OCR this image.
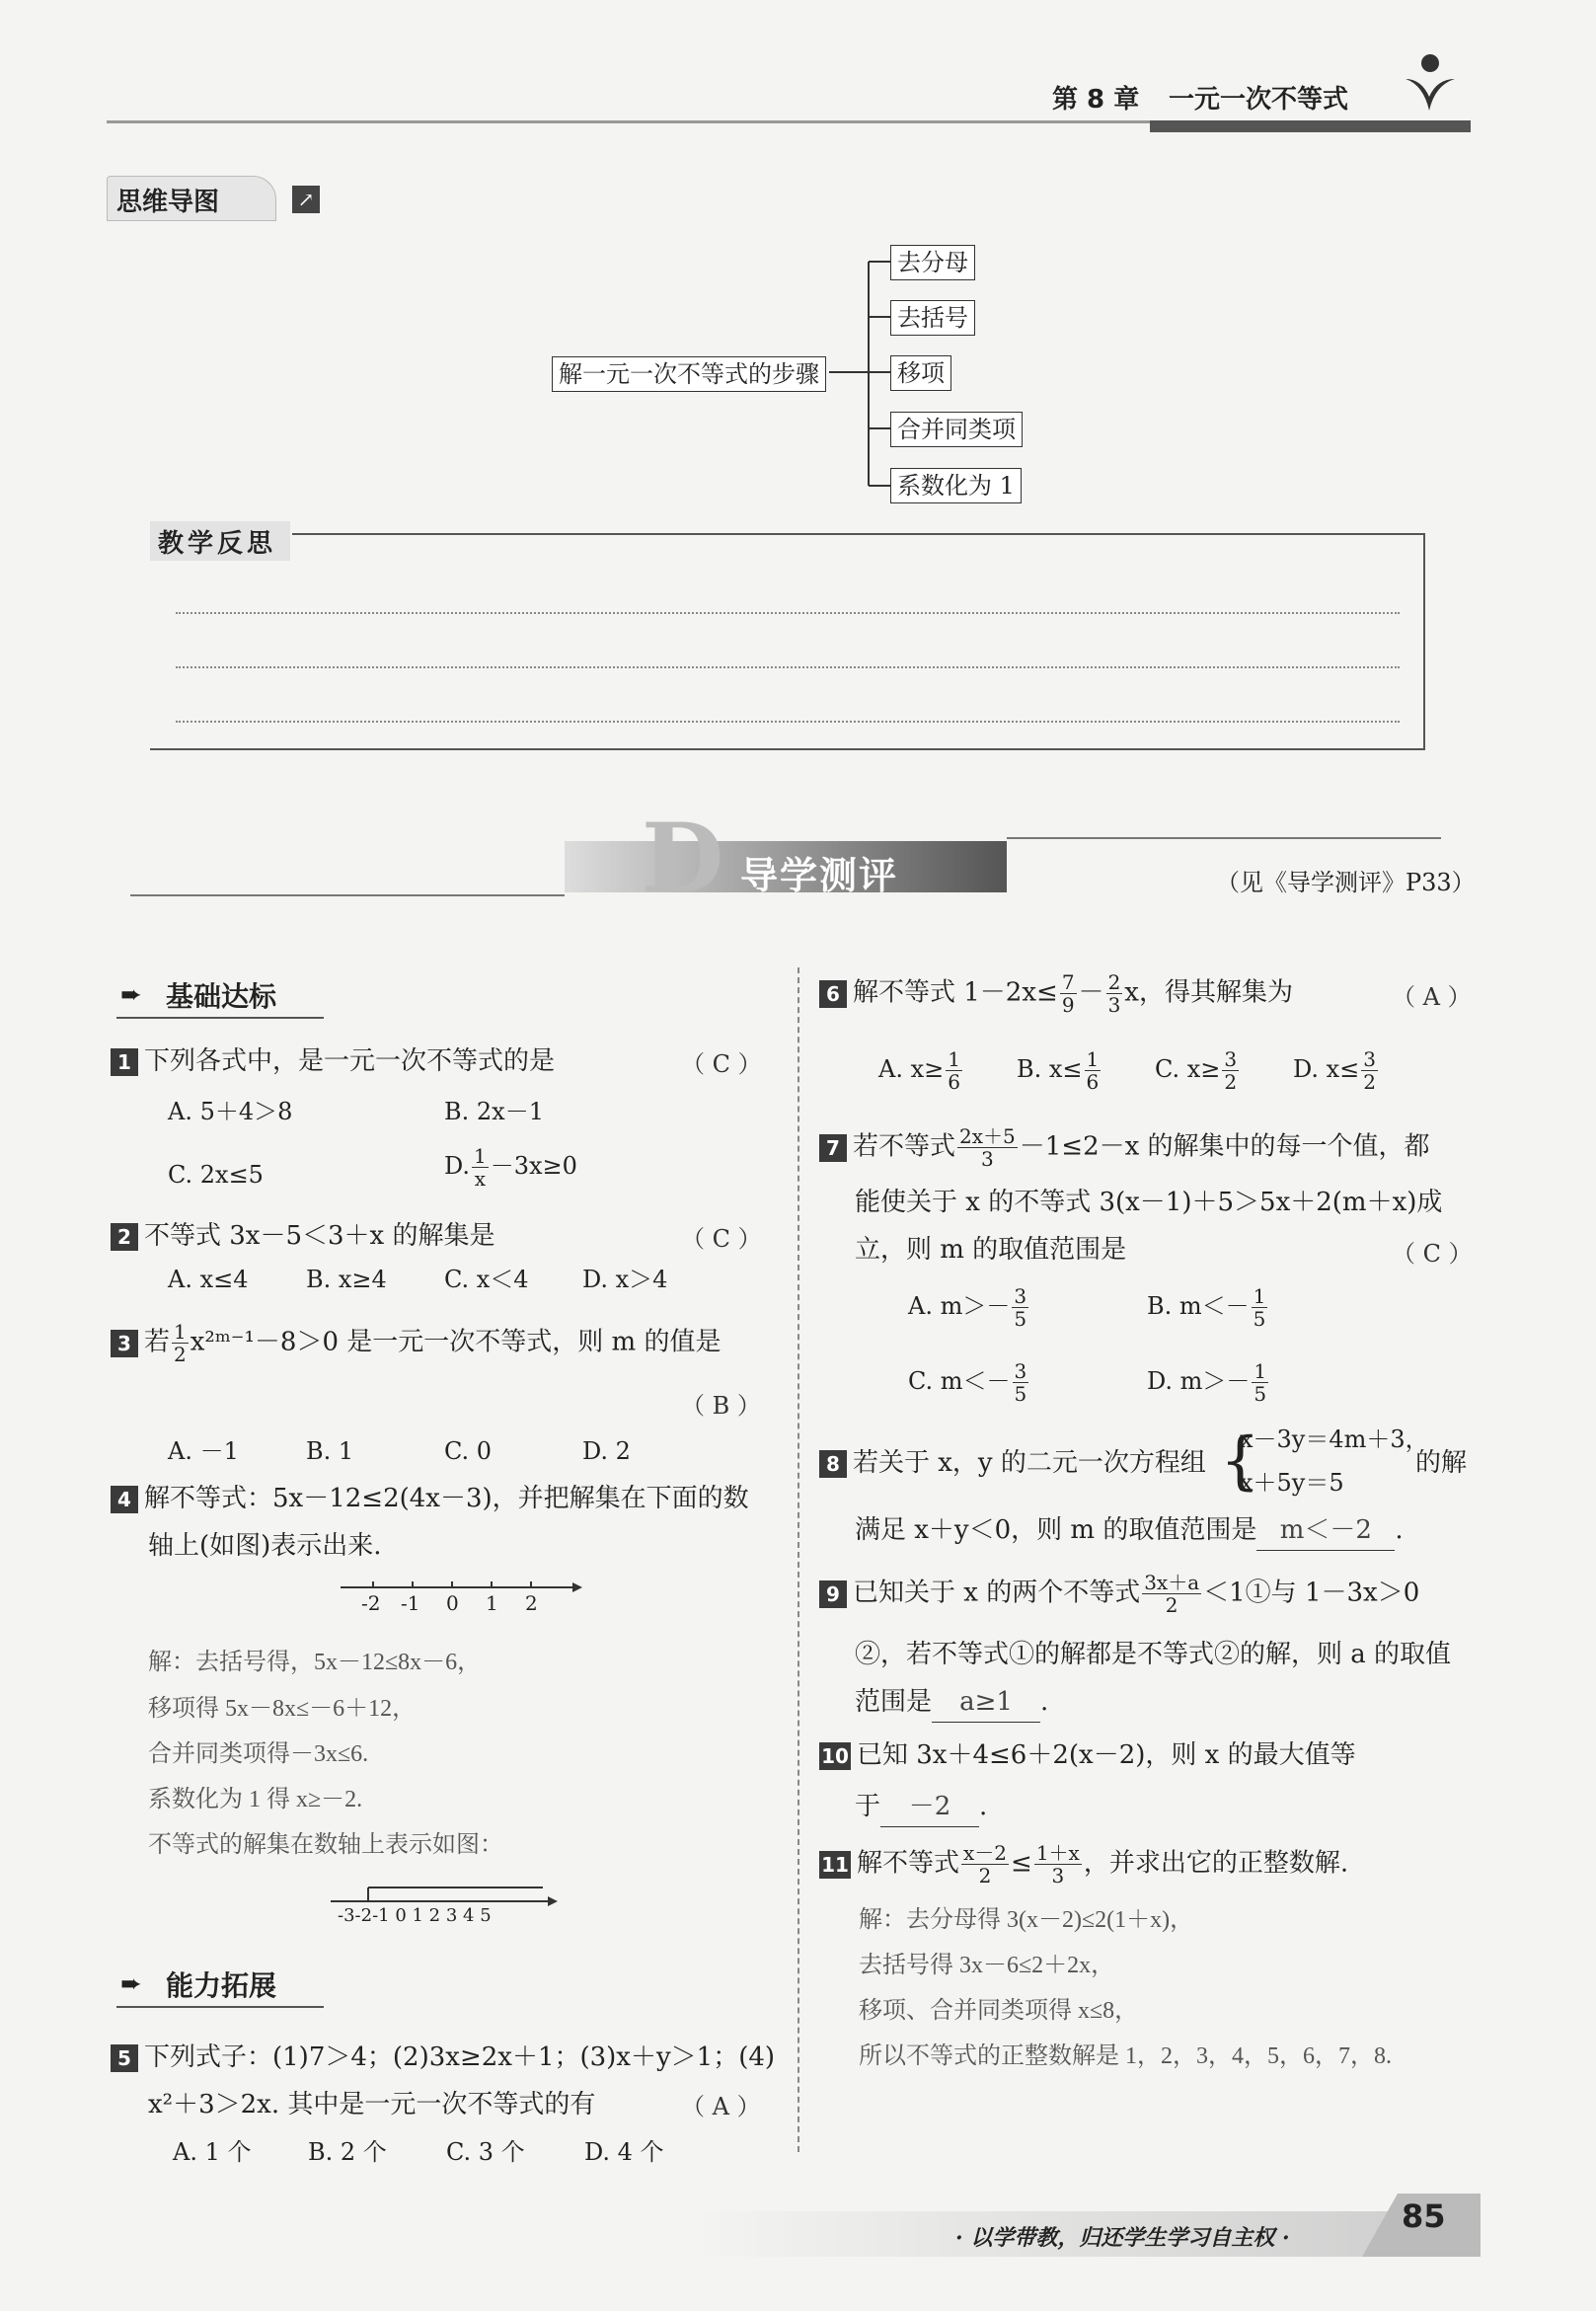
第 8 章 一元一次不等式
思维导图	↗
解一元一次不等式的步骤
去分母
去括号
移项
合并同类项
系数化为 1
教学反思
D 导学测评	（见《导学测评》P33）
➨ 基础达标
1 下列各式中，是一元一次不等式的是	（ C ）
A. 5＋4＞8	B. 2x－1
C. 2x≤5	D. $\frac{1}{x} -3x\ge 0$
2 不等式 3x－5＜3＋x 的解集是	（ C ）
A. x≤4 B. x≥4 C. x＜4 D. x＞4
3 若 $\frac{1}{2}$ x²ᵐ⁻¹－8＞0 是一元一次不等式，则 m 的值是
（ B ）
A. －1	B. 1	C. 0	D. 2
4 解不等式：5x－12≤2(4x－3)，并把解集在下面的数
轴上(如图)表示出来.
-2 -1 0 1 2
解：去括号得，5x－12≤8x－6，
移项得 5x－8x≤－6＋12，
合并同类项得－3x≤6.
系数化为 1 得 x≥－2.
不等式的解集在数轴上表示如图：
-3-2-1 0 1 2 3 4 5
➨ 能力拓展
5 下列式子：(1)7＞4；(2)3x≥2x＋1；(3)x＋y＞1；(4)
x²＋3＞2x. 其中是一元一次不等式的有	（ A ）
A. 1 个 B. 2 个	C. 3 个	D. 4 个
6 解不等式 $1-2x\le \frac{7}{9} - \frac{2}{3}$ x，得其解集为	（ A ）
A. $x\ge \frac{1}{6} B$. $x\le \frac{1}{6} C$. $x\ge \frac{3}{2} D$. $x\le \frac{3}{2}$
7 若不等式 $\frac{2x+5}{3} -1\le 2-x$ 的解集中的每一个值，都
能使关于 x 的不等式 3(x－1)＋5＞5x＋2(m＋x)成
立，则 m 的取值范围是	（ C ）
A. $m>- \frac{3}{5}$	B. $m<- \frac{1}{5}$
C. $m<- \frac{3}{5}$	D. $m>- \frac{1}{5}$
8 若关于 x，y 的二元一次方程组 {
x－3y＝4m＋3，
x＋5y＝5
的解
满足 x＋y＜0，则 m 的取值范围是 m＜－2 .
9 已知关于 x 的两个不等式 $\frac{3x+a}{2}$ ＜1①与 1－3x＞0
②，若不等式①的解都是不等式②的解，则 a 的取值
范围是 a≥1 .
10 已知 3x＋4≤6＋2(x－2)，则 x 的最大值等
于 －2 .
11 解不等式 $\frac{x-2}{2} \le \frac{1+x}{3}$ ，并求出它的正整数解.
解：去分母得 3(x－2)≤2(1＋x)，
去括号得 3x－6≤2＋2x，
移项、合并同类项得 x≤8，
所以不等式的正整数解是 1，2，3，4，5，6，7，8.
· 以学带教，归还学生学习自主权 ·
85
